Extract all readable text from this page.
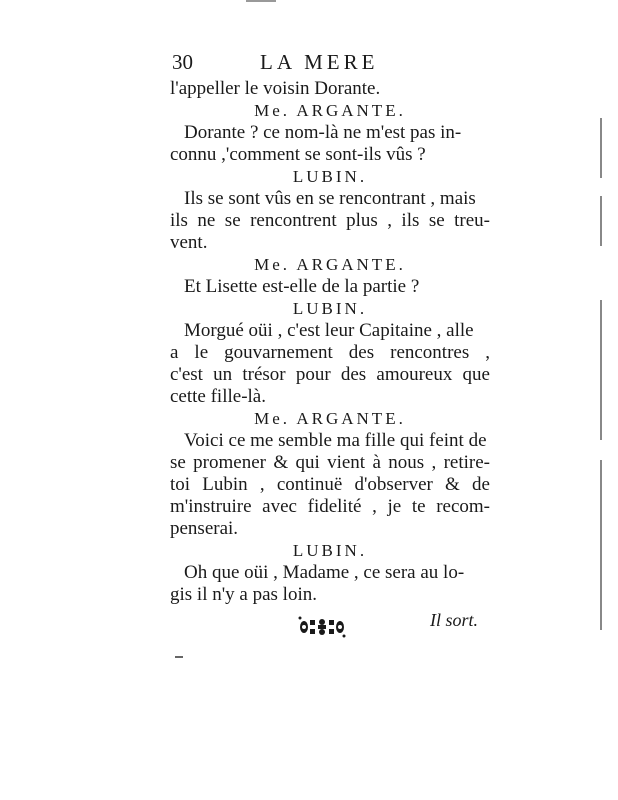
30	LA MERE
l'appeller le voisin Dorante.
Me. ARGANTE.
Dorante ? ce nom-là ne m'est pas in-
connu ,'comment se sont-ils vûs ?
LUBIN.
Ils se sont vûs en se rencontrant , mais
ils ne se rencontrent plus , ils se treu-
vent.
Me. ARGANTE.
Et Lisette est-elle de la partie ?
LUBIN.
Morgué oüi , c'est leur Capitaine , alle
a le gouvarnement des rencontres ,
c'est un trésor pour des amoureux que
cette fille-là.
Me. ARGANTE.
Voici ce me semble ma fille qui feint de
se promener & qui vient à nous , retire-
toi Lubin , continuë d'observer & de
m'instruire avec fidelité , je te recom-
penserai.
LUBIN.
Oh que oüi , Madame , ce sera au lo-
gis il n'y a pas loin.
Il sort.
